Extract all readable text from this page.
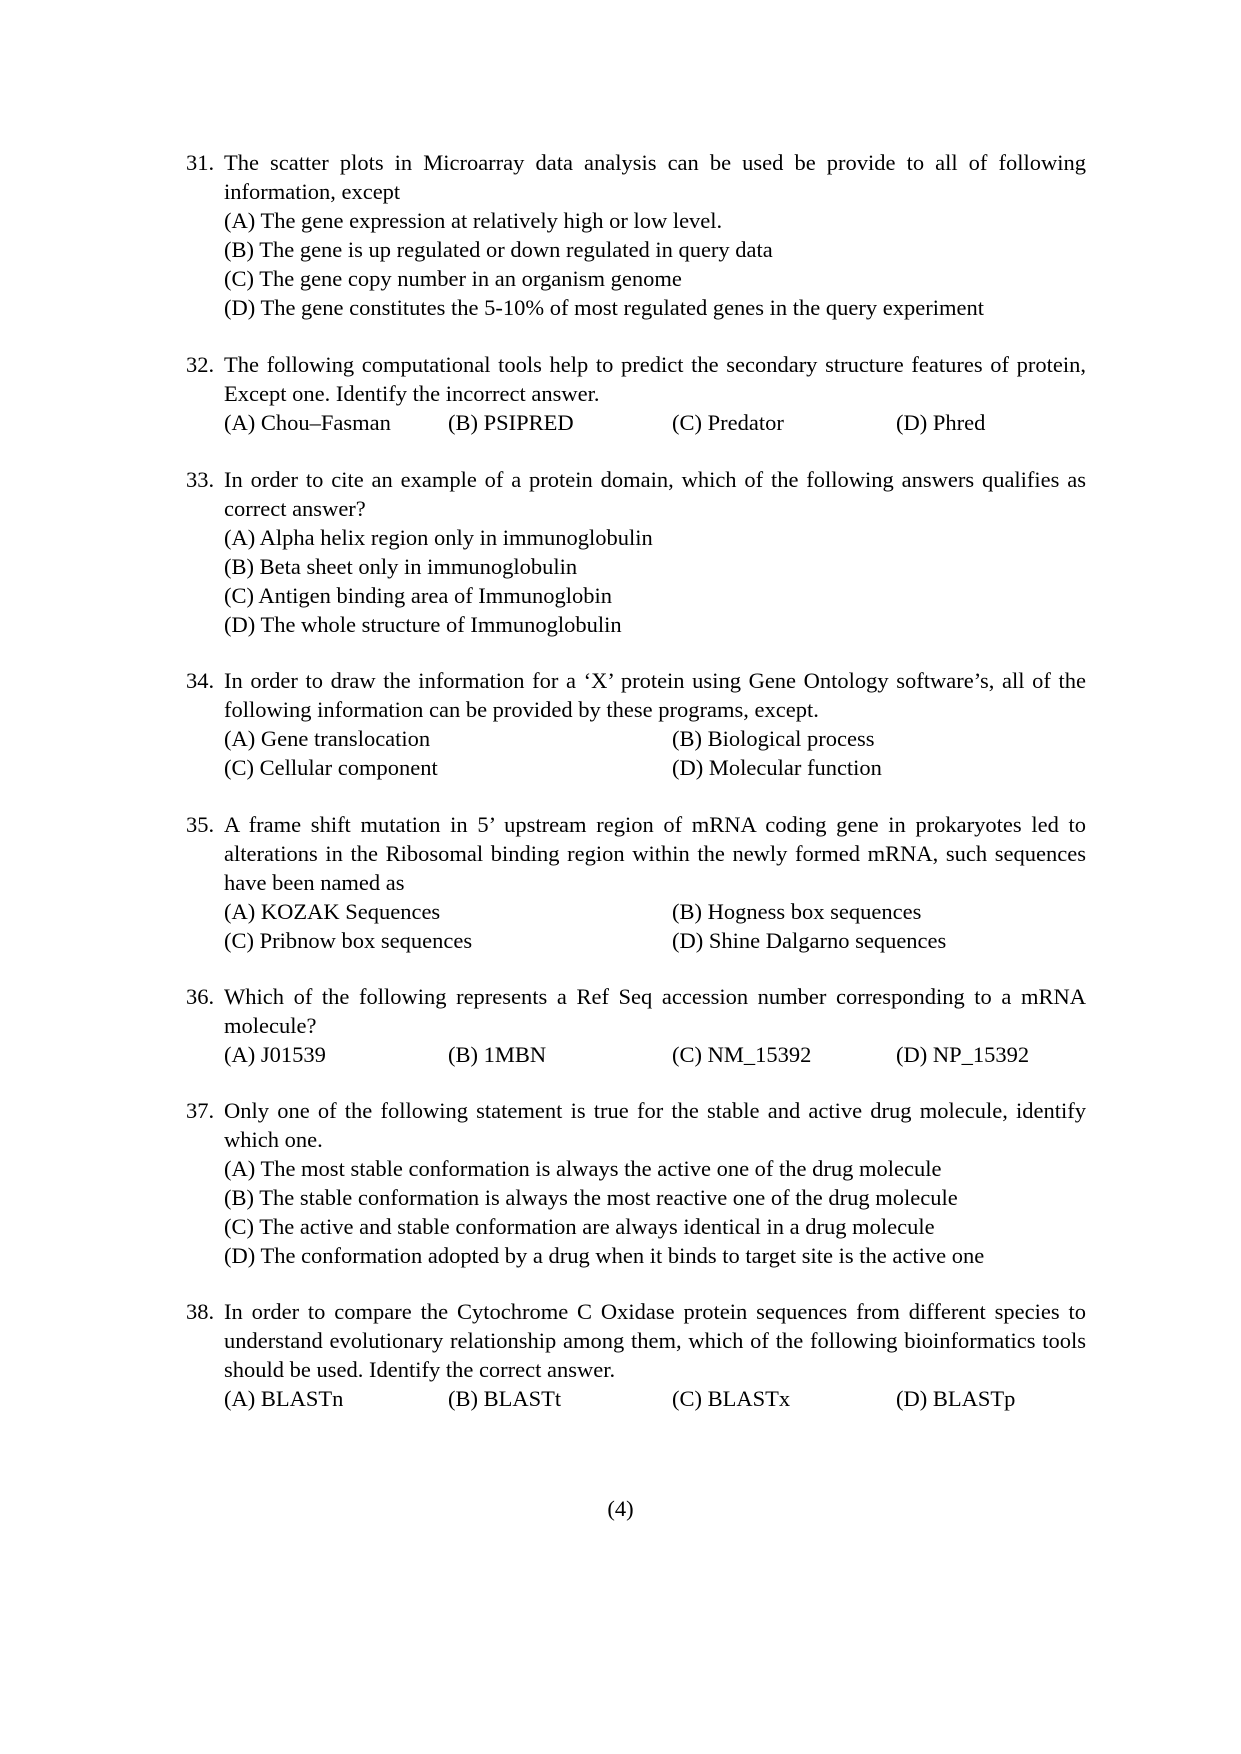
31. The scatter plots in Microarray data analysis can be used be provide to all of following information, except
(A) The gene expression at relatively high or low level.
(B) The gene is up regulated or down regulated in query data
(C) The gene copy number in an organism genome
(D) The gene constitutes the 5-10% of most regulated genes in the query experiment
32. The following computational tools help to predict the secondary structure features of protein, Except one. Identify the incorrect answer.
(A) Chou–Fasman	(B) PSIPRED	(C) Predator	(D) Phred
33. In order to cite an example of a protein domain, which of the following answers qualifies as correct answer?
(A) Alpha helix region only in immunoglobulin
(B) Beta sheet only in immunoglobulin
(C) Antigen binding area of Immunoglobin
(D) The whole structure of Immunoglobulin
34. In order to draw the information for a ‘X’ protein using Gene Ontology software’s, all of the following information can be provided by these programs, except.
(A) Gene translocation	(B) Biological process
(C) Cellular component	(D) Molecular function
35. A frame shift mutation in 5’ upstream region of mRNA coding gene in prokaryotes led to alterations in the Ribosomal binding region within the newly formed mRNA, such sequences have been named as
(A) KOZAK Sequences	(B) Hogness box sequences
(C) Pribnow box sequences	(D) Shine Dalgarno sequences
36. Which of the following represents a Ref Seq accession number corresponding to a mRNA molecule?
(A) J01539	(B) 1MBN	(C) NM_15392	(D) NP_15392
37. Only one of the following statement is true for the stable and active drug molecule, identify which one.
(A) The most stable conformation is always the active one of the drug molecule
(B) The stable conformation is always the most reactive one of the drug molecule
(C) The active and stable conformation are always identical in a drug molecule
(D) The conformation adopted by a drug when it binds to target site is the active one
38. In order to compare the Cytochrome C Oxidase protein sequences from different species to understand evolutionary relationship among them, which of the following bioinformatics tools should be used. Identify the correct answer.
(A) BLASTn	(B) BLASTt	(C) BLASTx	(D) BLASTp
(4)
